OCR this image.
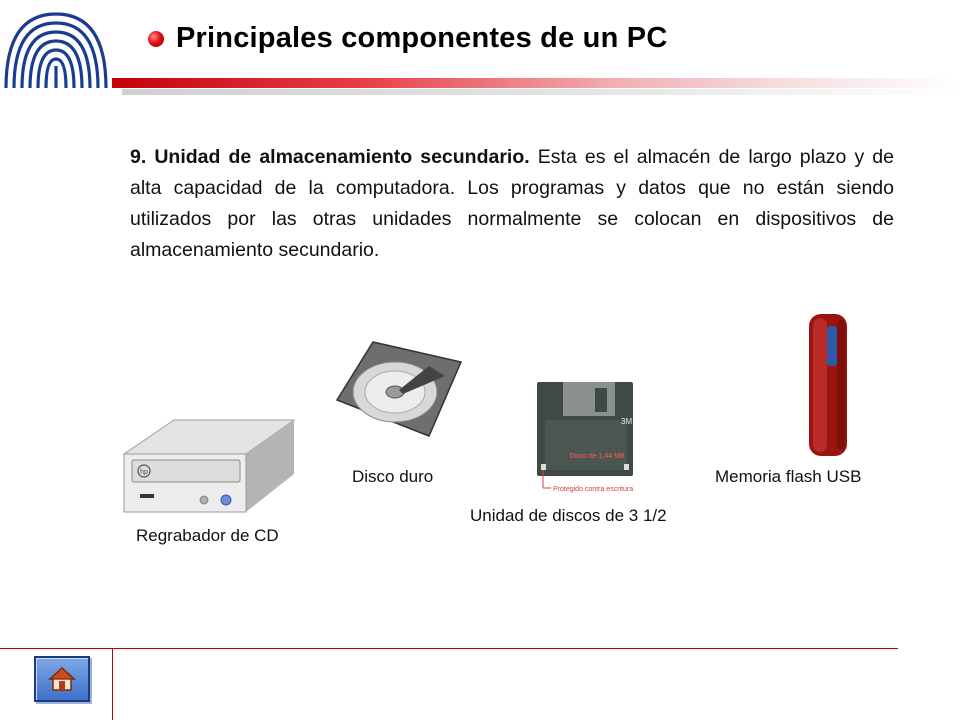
Principales componentes de un PC
9. Unidad de almacenamiento secundario. Esta es el almacén de largo plazo y de alta capacidad de la computadora. Los programas y datos que no están siendo utilizados por las otras unidades normalmente se colocan en dispositivos de almacenamiento secundario.
hp
Regrabador de CD
Disco duro
3M
Disco de 1,44 MB
Protegido contra escritura
Unidad de discos de 3 1/2
Memoria flash USB
